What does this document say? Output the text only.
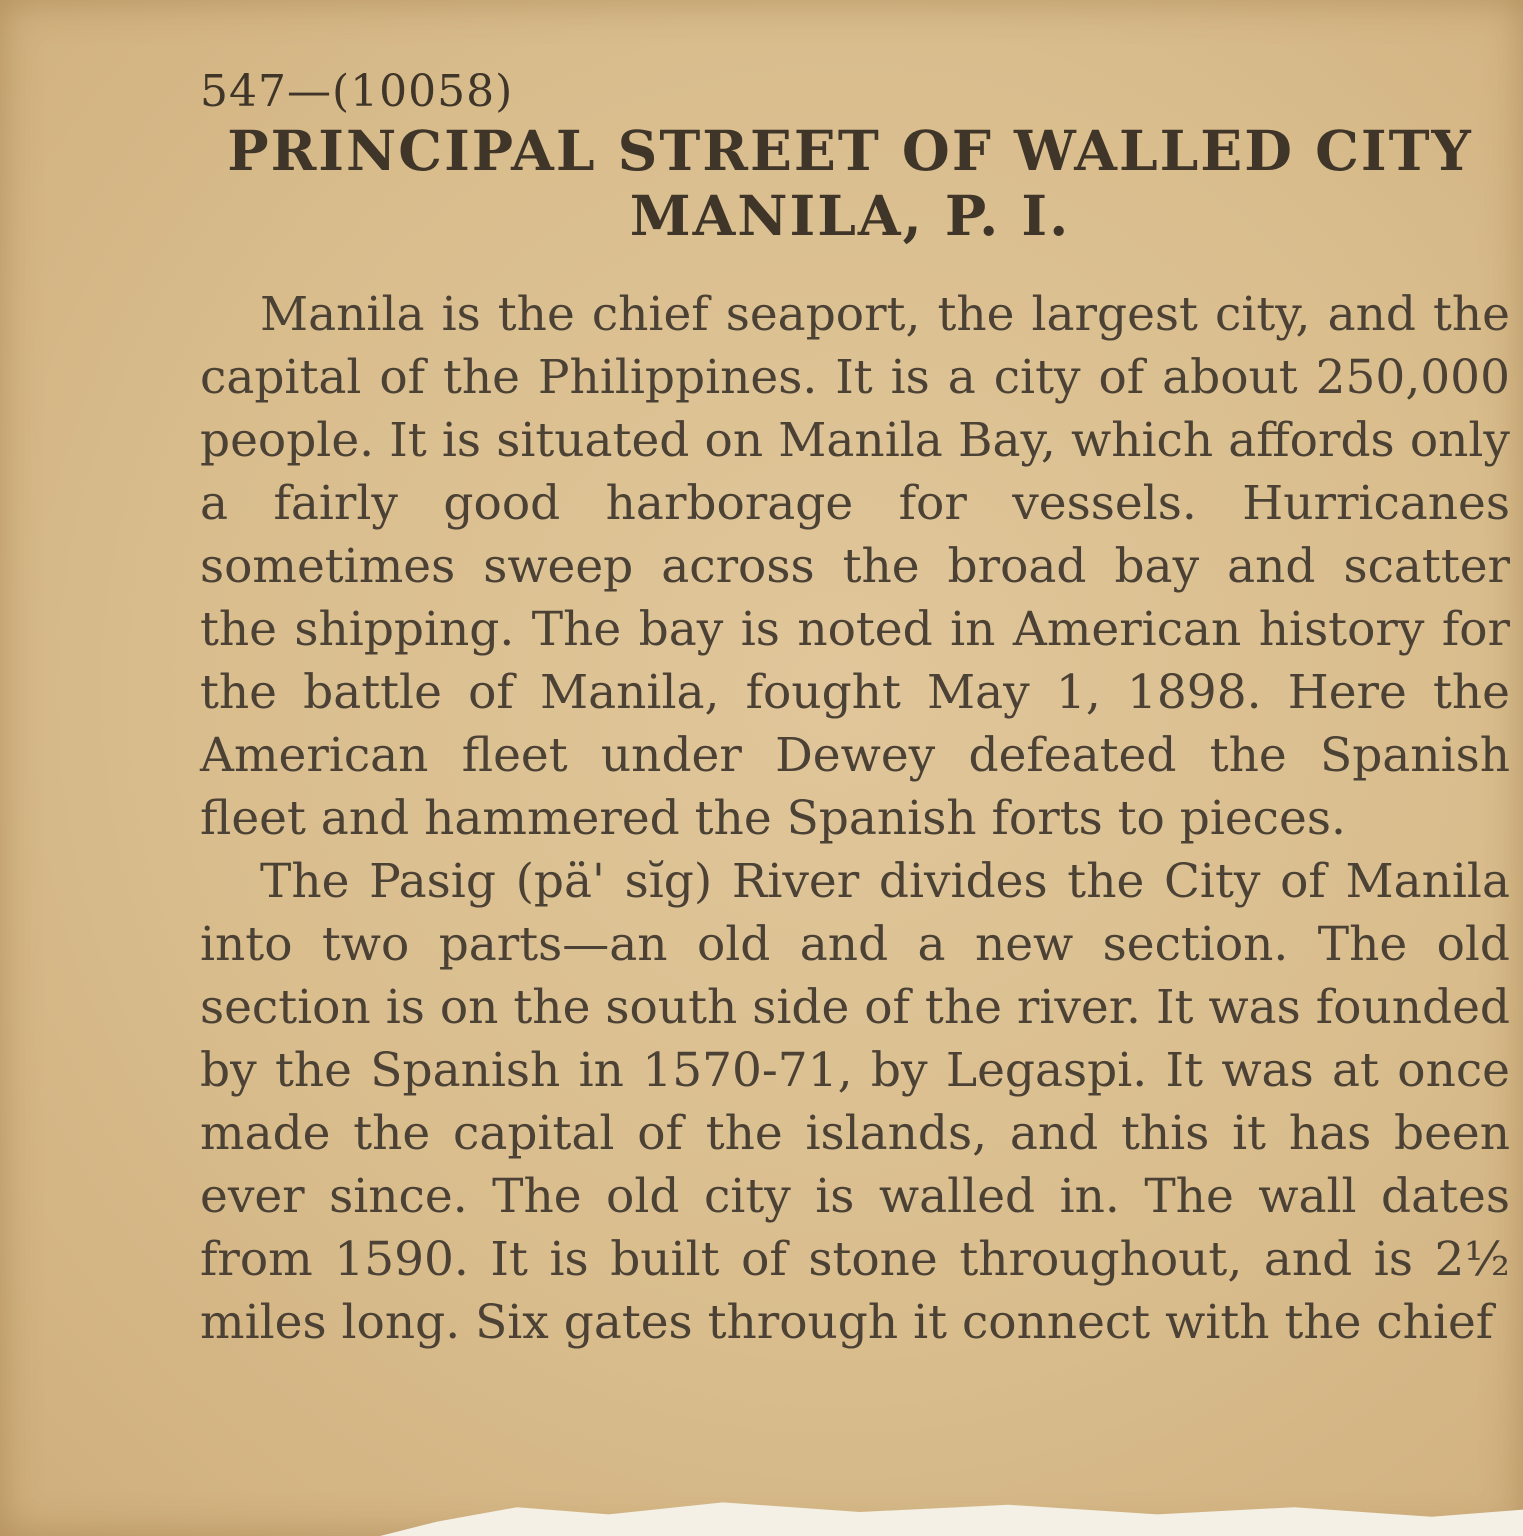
547—(10058)
PRINCIPAL STREET OF WALLED CITY
MANILA, P. I.

Manila is the chief seaport, the largest city, and the capital of the Philippines. It is a city of about 250,000 people. It is situated on Manila Bay, which affords only a fairly good harborage for vessels. Hurricanes sometimes sweep across the broad bay and scatter the shipping. The bay is noted in American history for the battle of Manila, fought May 1, 1898. Here the American fleet under Dewey defeated the Spanish fleet and hammered the Spanish forts to pieces.

The Pasig (pä' sĭg) River divides the City of Manila into two parts—an old and a new section. The old section is on the south side of the river. It was founded by the Spanish in 1570-71, by Legaspi. It was at once made the capital of the islands, and this it has been ever since. The old city is walled in. The wall dates from 1590. It is built of stone throughout, and is 2½ miles long. Six gates through it connect with the chief
